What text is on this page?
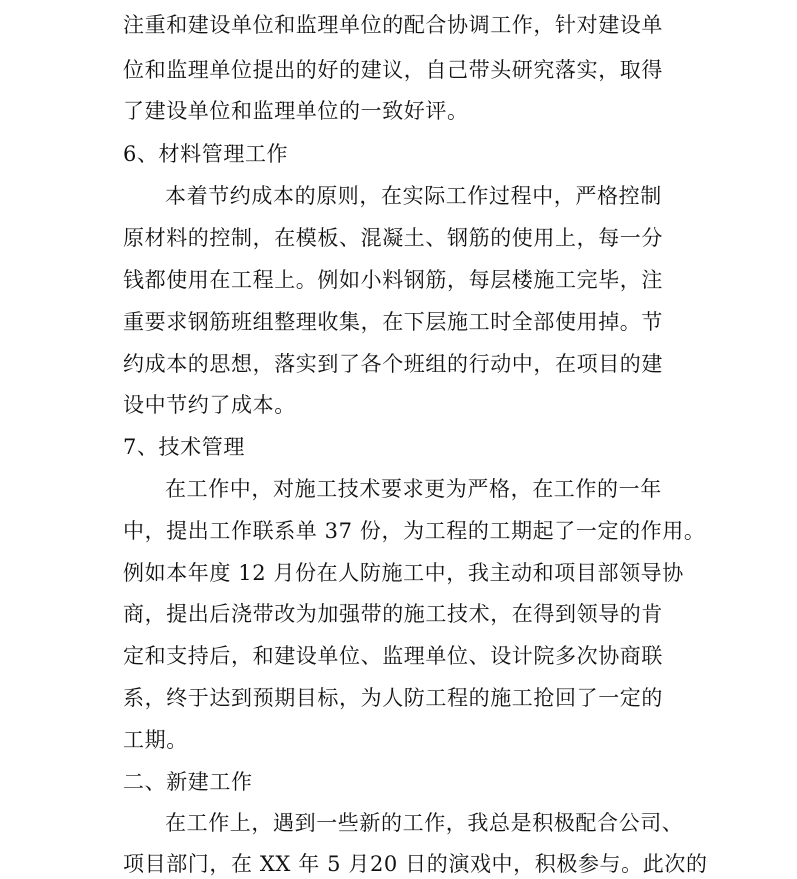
注重和建设单位和监理单位的配合协调工作，针对建设单
位和监理单位提出的好的建议，自己带头研究落实，取得
了建设单位和监理单位的一致好评。
6、材料管理工作
本着节约成本的原则，在实际工作过程中，严格控制
原材料的控制，在模板、混凝土、钢筋的使用上，每一分
钱都使用在工程上。例如小料钢筋，每层楼施工完毕，注
重要求钢筋班组整理收集，在下层施工时全部使用掉。节
约成本的思想，落实到了各个班组的行动中，在项目的建
设中节约了成本。
7、技术管理
在工作中，对施工技术要求更为严格，在工作的一年
中，提出工作联系单 37 份，为工程的工期起了一定的作用。
例如本年度 12 月份在人防施工中，我主动和项目部领导协
商，提出后浇带改为加强带的施工技术，在得到领导的肯
定和支持后，和建设单位、监理单位、设计院多次协商联
系，终于达到预期目标，为人防工程的施工抢回了一定的
工期。
二、新建工作
在工作上，遇到一些新的工作，我总是积极配合公司、
项目部门，在 XX 年 5 月20 日的演戏中，积极参与。此次的
